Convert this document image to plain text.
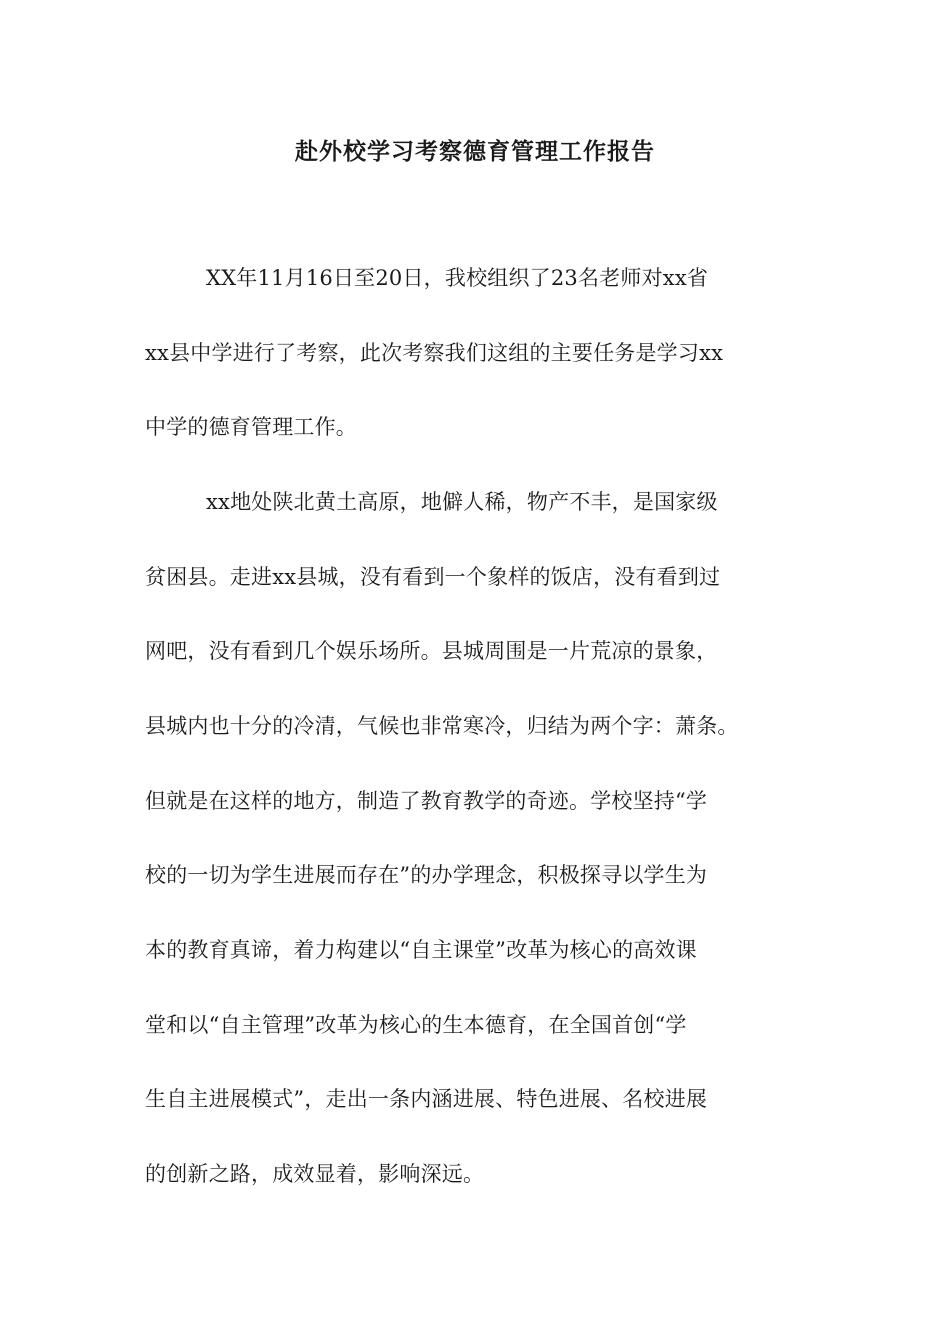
赴外校学习考察德育管理工作报告
XX年11月16日至20日，我校组织了23名老师对xx省
xx县中学进行了考察，此次考察我们这组的主要任务是学习xx
中学的德育管理工作。
xx地处陕北黄土高原，地僻人稀，物产不丰，是国家级
贫困县。走进xx县城，没有看到一个象样的饭店，没有看到过
网吧，没有看到几个娱乐场所。县城周围是一片荒凉的景象，
县城内也十分的冷清，气候也非常寒冷，归结为两个字：萧条。
但就是在这样的地方，制造了教育教学的奇迹。学校坚持“学
校的一切为学生进展而存在”的办学理念，积极探寻以学生为
本的教育真谛，着力构建以“自主课堂”改革为核心的高效课
堂和以“自主管理”改革为核心的生本德育，在全国首创“学
生自主进展模式”，走出一条内涵进展、特色进展、名校进展
的创新之路，成效显着，影响深远。
